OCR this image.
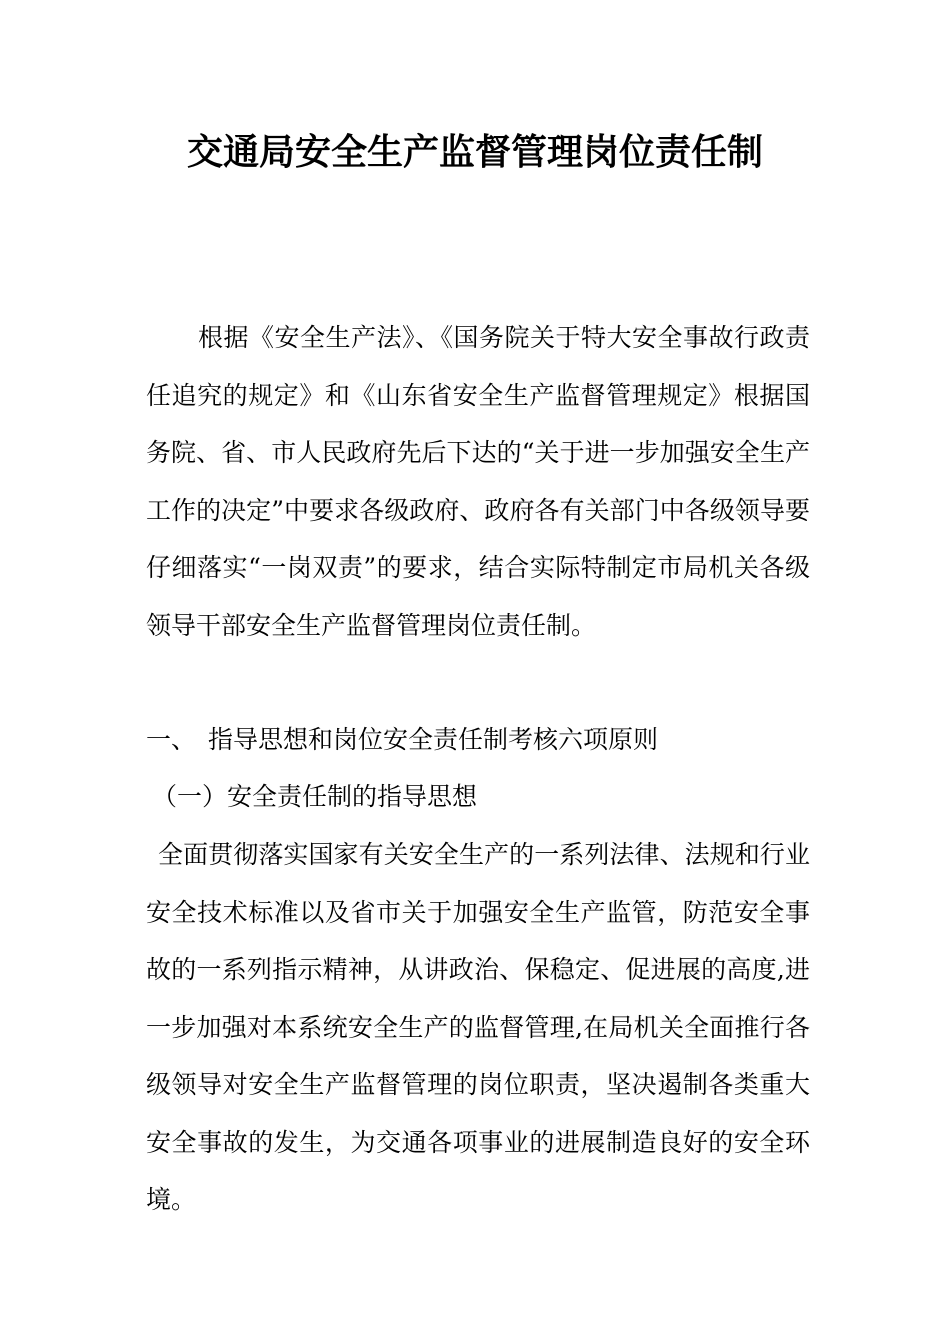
交通局安全生产监督管理岗位责任制

根据《安全生产法》、《国务院关于特大安全事故行政责任追究的规定》和《山东省安全生产监督管理规定》根据国务院、省、市人民政府先后下达的“关于进一步加强安全生产工作的决定”中要求各级政府、政府各有关部门中各级领导要仔细落实“一岗双责”的要求，结合实际特制定市局机关各级领导干部安全生产监督管理岗位责任制。

一、 指导思想和岗位安全责任制考核六项原则
（一）安全责任制的指导思想

全面贯彻落实国家有关安全生产的一系列法律、法规和行业安全技术标准以及省市关于加强安全生产监管，防范安全事故的一系列指示精神，从讲政治、保稳定、促进展的高度,进一步加强对本系统安全生产的监督管理,在局机关全面推行各级领导对安全生产监督管理的岗位职责，坚决遏制各类重大安全事故的发生，为交通各项事业的进展制造良好的安全环境。
